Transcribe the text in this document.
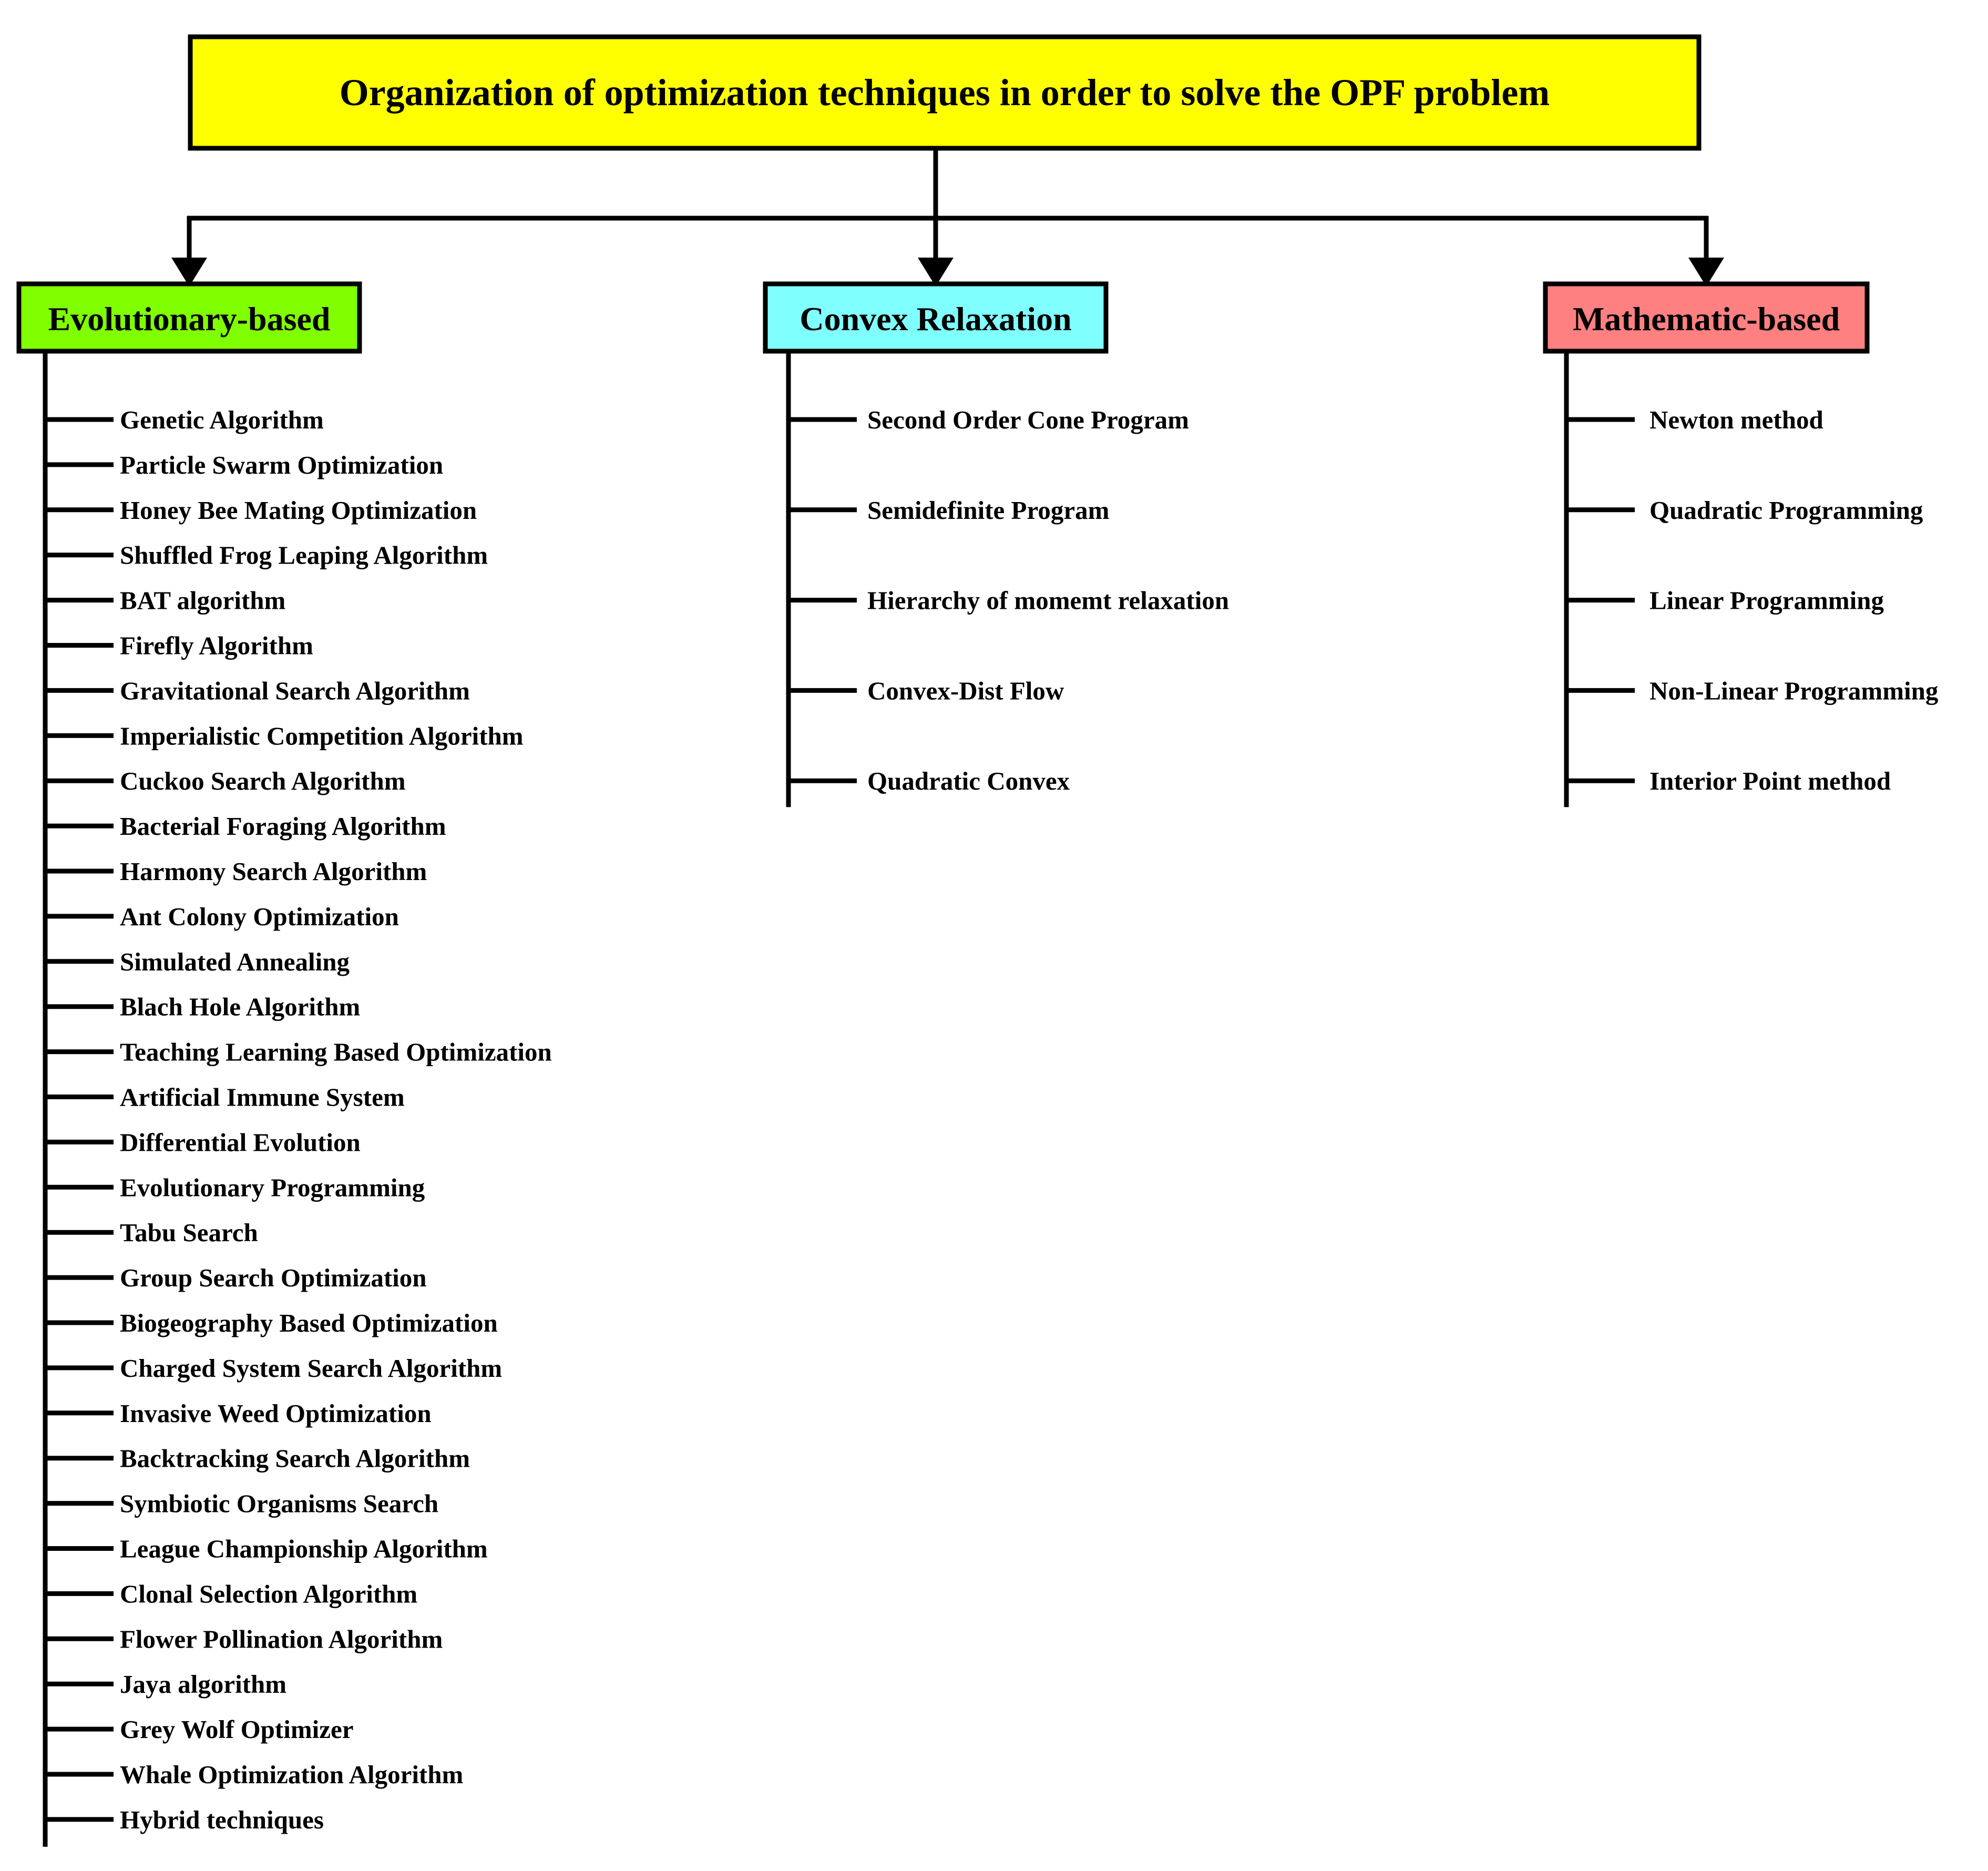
Organization of optimization techniques in order to solve the OPF problem
Evolutionary-based	Convex Relaxation	Mathematic-based
Genetic Algorithm
Particle Swarm Optimization
Honey Bee Mating Optimization
Shuffled Frog Leaping Algorithm
BAT algorithm
Firefly Algorithm
Gravitational Search Algorithm
Imperialistic Competition Algorithm
Cuckoo Search Algorithm
Bacterial Foraging Algorithm
Harmony Search Algorithm
Ant Colony Optimization
Simulated Annealing
Blach Hole Algorithm
Teaching Learning Based Optimization
Artificial Immune System
Differential Evolution
Evolutionary Programming
Tabu Search
Group Search Optimization
Biogeography Based Optimization
Charged System Search Algorithm
Invasive Weed Optimization
Backtracking Search Algorithm
Symbiotic Organisms Search
League Championship Algorithm
Clonal Selection Algorithm
Flower Pollination Algorithm
Jaya algorithm
Grey Wolf Optimizer
Whale Optimization Algorithm
Hybrid techniques
Second Order Cone Program
Semidefinite Program
Hierarchy of momemt relaxation
Convex-Dist Flow
Quadratic Convex
Newton method
Quadratic Programming
Linear Programming
Non-Linear Programming
Interior Point method
